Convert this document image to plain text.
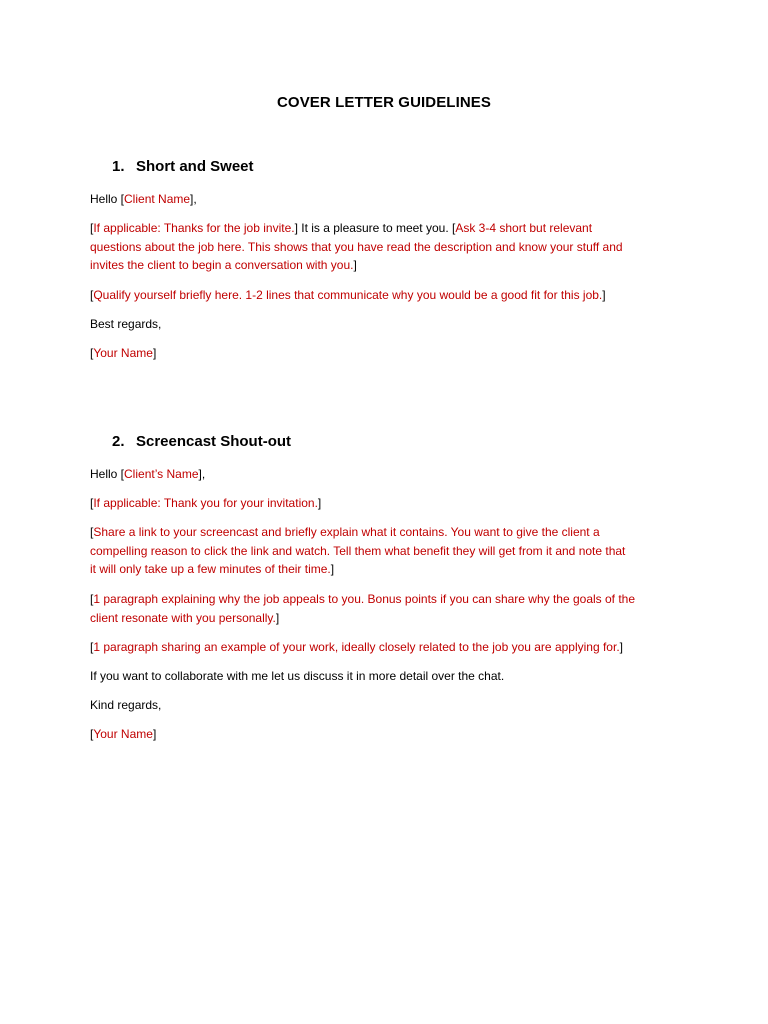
COVER LETTER GUIDELINES
1. Short and Sweet

Hello [Client Name],

[If applicable: Thanks for the job invite.] It is a pleasure to meet you. [Ask 3-4 short but relevant
questions about the job here. This shows that you have read the description and know your stuff and
invites the client to begin a conversation with you.]

[Qualify yourself briefly here. 1-2 lines that communicate why you would be a good fit for this job.]

Best regards,

[Your Name]

2. Screencast Shout-out

Hello [Client’s Name],

[If applicable: Thank you for your invitation.]

[Share a link to your screencast and briefly explain what it contains. You want to give the client a
compelling reason to click the link and watch. Tell them what benefit they will get from it and note that
it will only take up a few minutes of their time.]

[1 paragraph explaining why the job appeals to you. Bonus points if you can share why the goals of the
client resonate with you personally.]

[1 paragraph sharing an example of your work, ideally closely related to the job you are applying for.]

If you want to collaborate with me let us discuss it in more detail over the chat.

Kind regards,

[Your Name]
